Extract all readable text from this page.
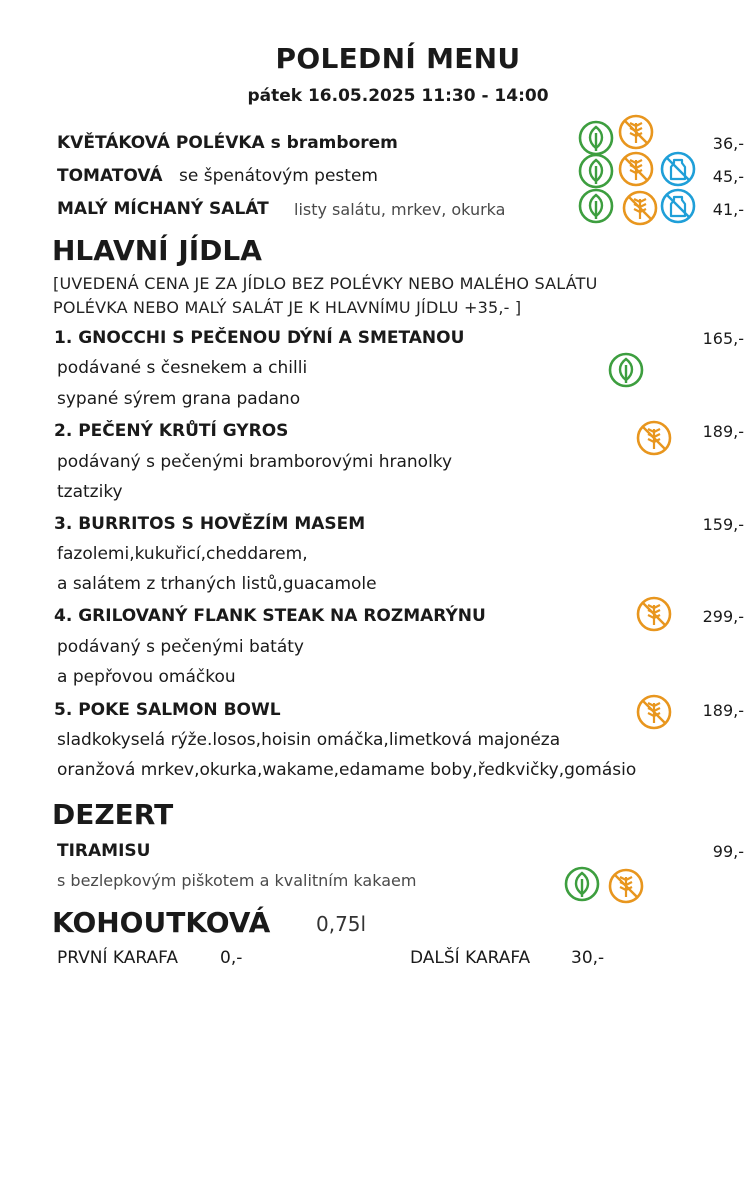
POLEDNÍ MENU
pátek 16.05.2025 11:30 - 14:00
KVĚTÁKOVÁ POLÉVKA s bramborem	36,-
TOMATOVÁ se špenátovým pestem	45,-
MALÝ MÍCHANÝ SALÁT listy salátu, mrkev, okurka	41,-
HLAVNÍ JÍDLA
[UVEDENÁ CENA JE ZA JÍDLO BEZ POLÉVKY NEBO MALÉHO SALÁTU
POLÉVKA NEBO MALÝ SALÁT JE K HLAVNÍMU JÍDLU +35,- ]
1. GNOCCHI S PEČENOU DÝNÍ A SMETANOU	165,-
podávané s česnekem a chilli
sypané sýrem grana padano
2. PEČENÝ KRŮTÍ GYROS	189,-
podávaný s pečenými bramborovými hranolky
tzatziky
3. BURRITOS S HOVĚZÍM MASEM	159,-
fazolemi,kukuřicí,cheddarem,
a salátem z trhaných listů,guacamole
4. GRILOVANÝ FLANK STEAK NA ROZMARÝNU	299,-
podávaný s pečenými batáty
a pepřovou omáčkou
5. POKE SALMON BOWL	189,-
sladkokyselá rýže.losos,hoisin omáčka,limetková majonéza
oranžová mrkev,okurka,wakame,edamame boby,ředkvičky,gomásio
DEZERT
TIRAMISU	99,-
s bezlepkovým piškotem a kvalitním kakaem
KOHOUTKOVÁ 0,75l
PRVNÍ KARAFA 0,-	DALŠÍ KARAFA 30,-
